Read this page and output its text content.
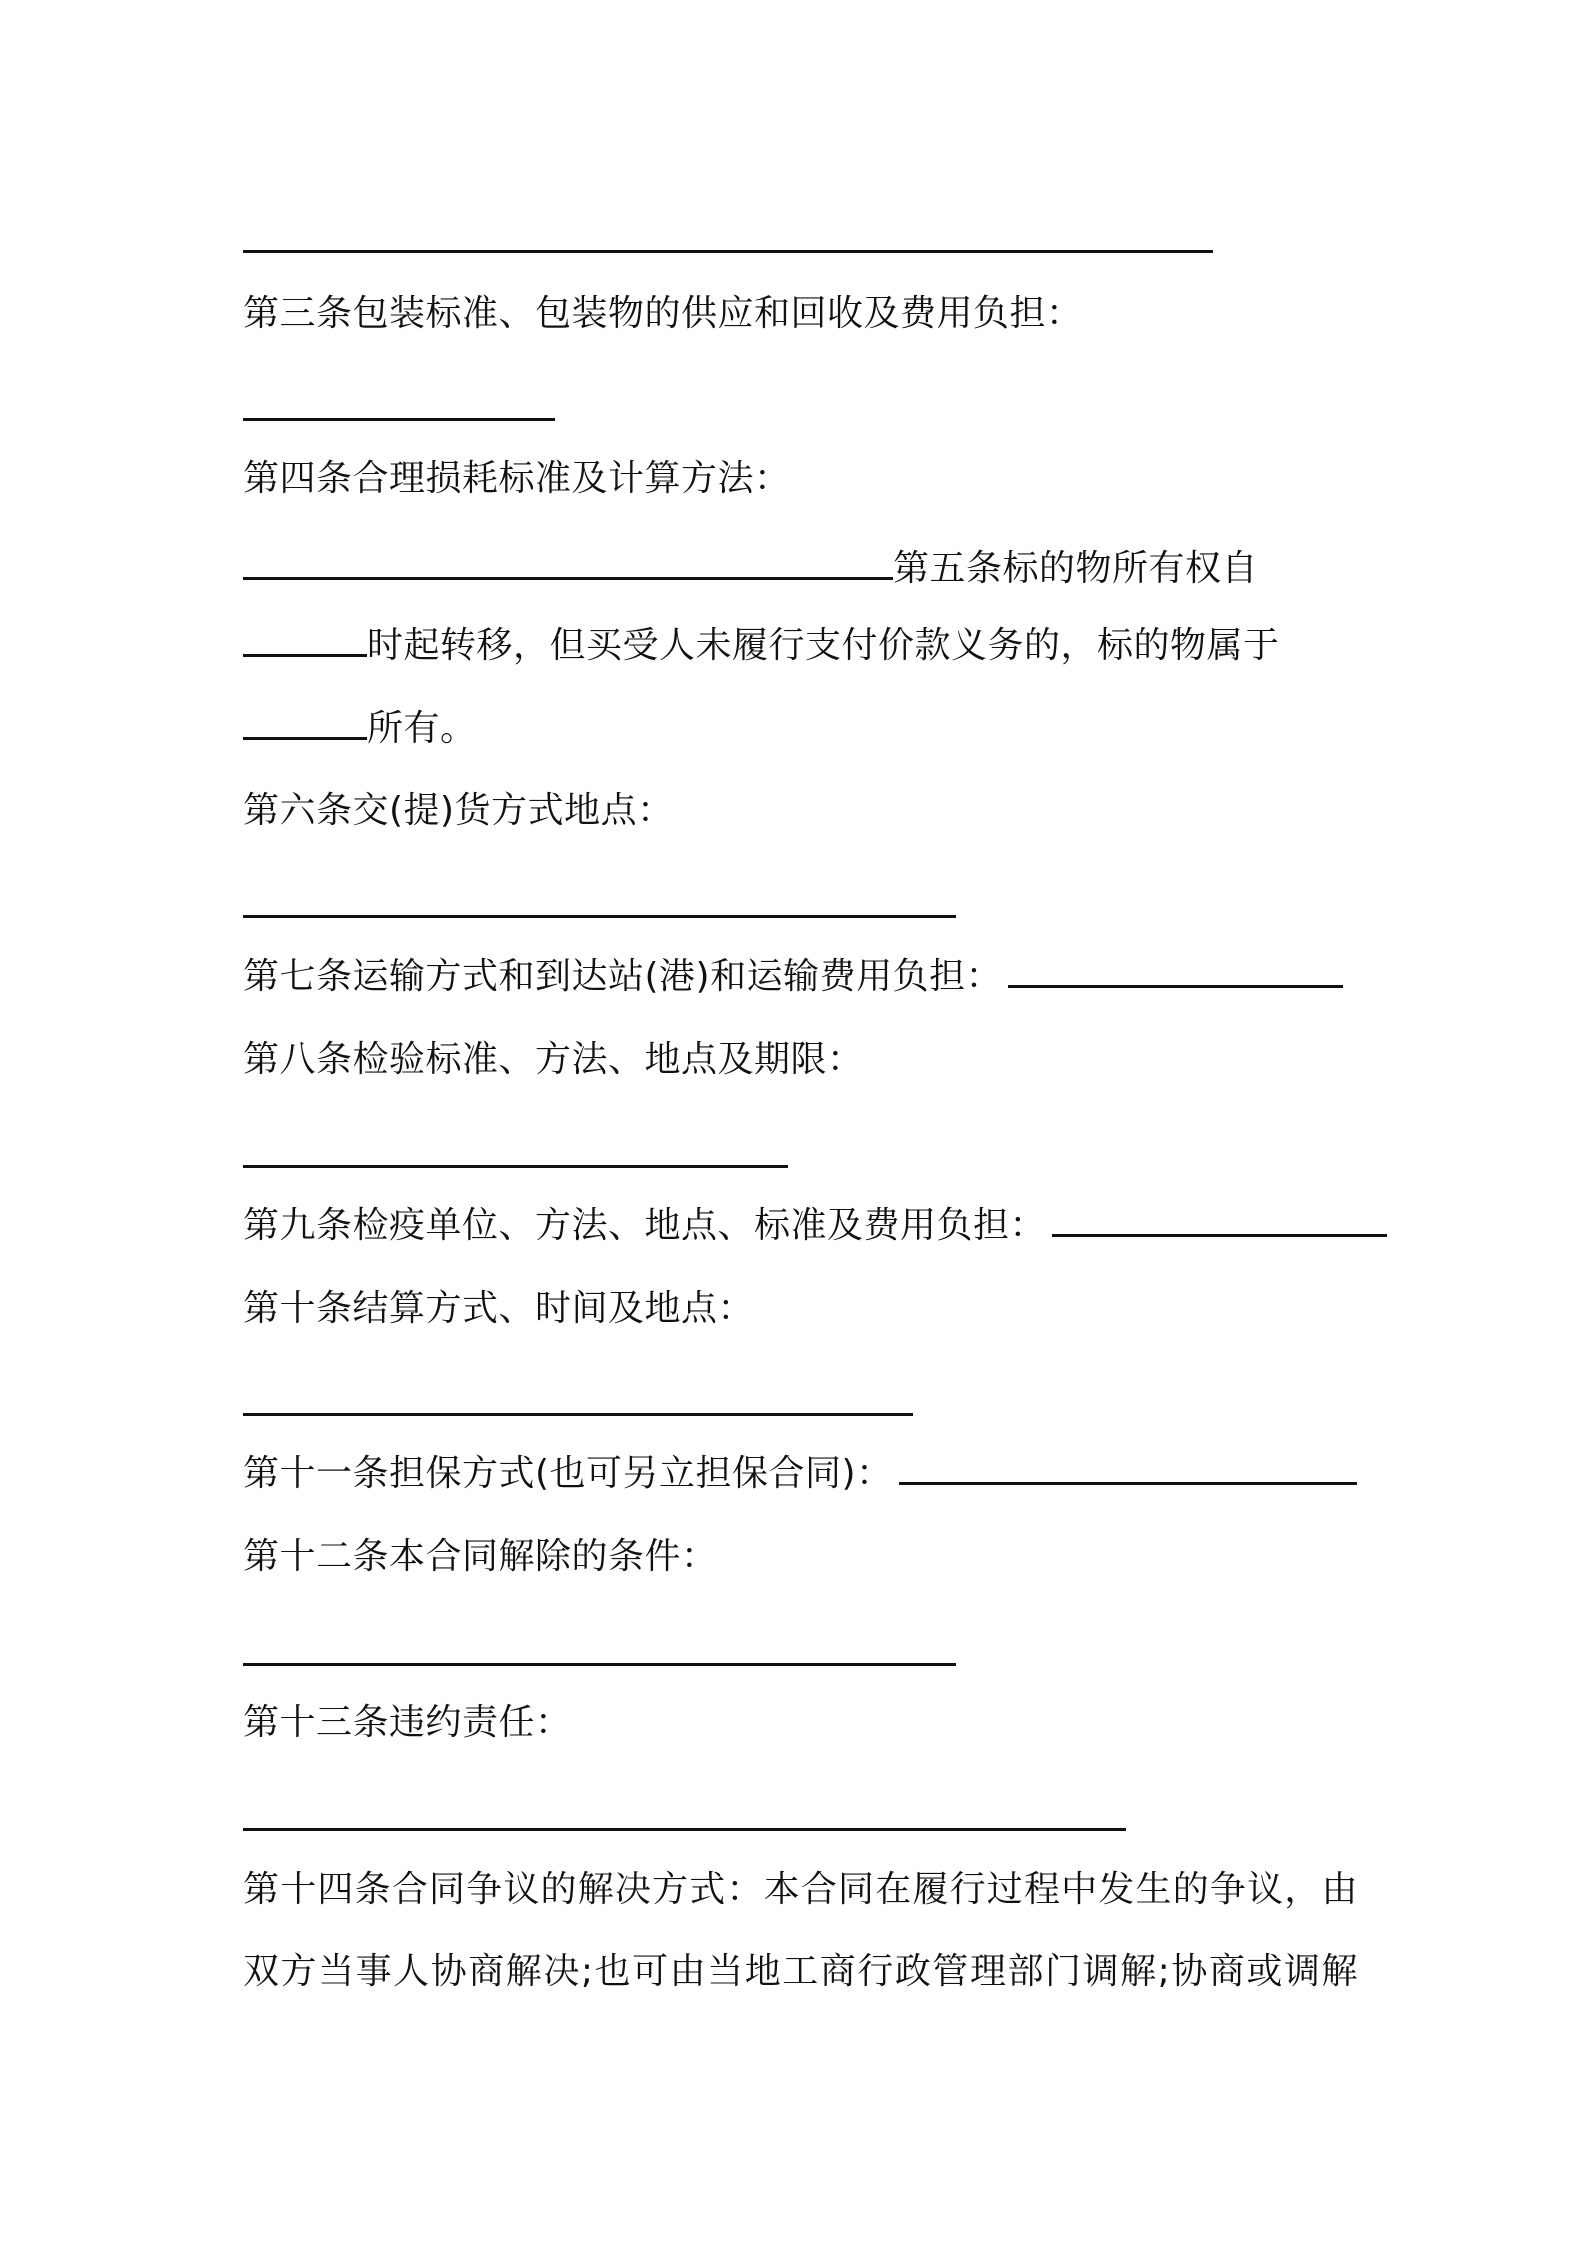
第三条包装标准、包装物的供应和回收及费用负担：
第四条合理损耗标准及计算方法：
第五条标的物所有权自
时起转移，但买受人未履行支付价款义务的，标的物属于
所有。
第六条交(提)货方式地点：
第七条运输方式和到达站(港)和运输费用负担：
第八条检验标准、方法、地点及期限：
第九条检疫单位、方法、地点、标准及费用负担：
第十条结算方式、时间及地点：
第十一条担保方式(也可另立担保合同)：
第十二条本合同解除的条件：
第十三条违约责任：
第十四条合同争议的解决方式：本合同在履行过程中发生的争议，由
双方当事人协商解决;也可由当地工商行政管理部门调解;协商或调解
